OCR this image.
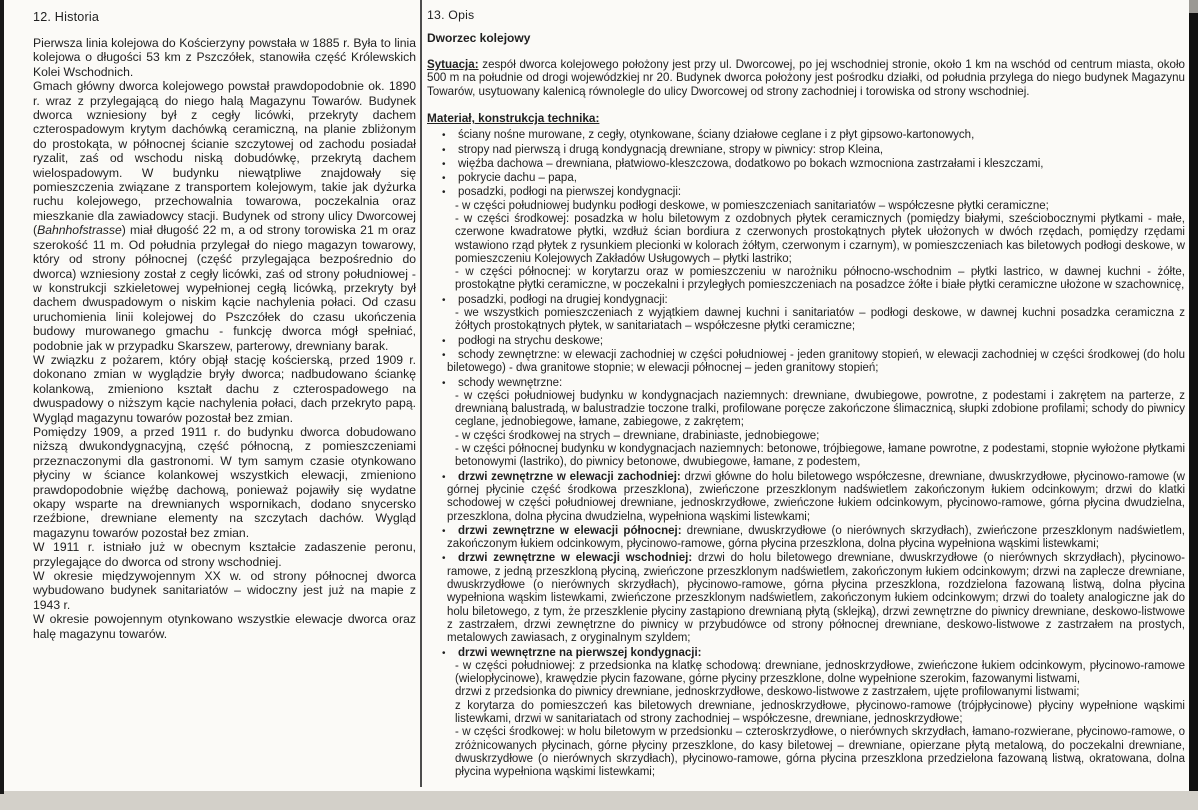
12. Historia

Pierwsza linia kolejowa do Kościerzyny powstała w 1885 r. Była to linia kolejowa o długości 53 km z Pszczółek, stanowiła część Królewskich Kolei Wschodnich.

Gmach główny dworca kolejowego powstał prawdopodobnie ok. 1890 r. wraz z przylegającą do niego halą Magazynu Towarów. Budynek dworca wzniesiony był z cegły licówki, przekryty dachem czterospadowym krytym dachówką ceramiczną, na planie zbliżonym do prostokąta, w północnej ścianie szczytowej od zachodu posiadał ryzalit, zaś od wschodu niską dobudówkę, przekrytą dachem wielospadowym. W budynku niewątpliwe znajdowały się pomieszczenia związane z transportem kolejowym, takie jak dyżurka ruchu kolejowego, przechowalnia towarowa, poczekalnia oraz mieszkanie dla zawiadowcy stacji. Budynek od strony ulicy Dworcowej (Bahnhofstrasse) miał długość 22 m, a od strony torowiska 21 m oraz szerokość 11 m. Od południa przylegał do niego magazyn towarowy, który od strony północnej (część przylegająca bezpośrednio do dworca) wzniesiony został z cegły licówki, zaś od strony południowej - w konstrukcji szkieletowej wypełnionej cegłą licówką, przekryty był dachem dwuspadowym o niskim kącie nachylenia połaci. Od czasu uruchomienia linii kolejowej do Pszczółek do czasu ukończenia budowy murowanego gmachu - funkcję dworca mógł spełniać, podobnie jak w przypadku Skarszew, parterowy, drewniany barak.

W związku z pożarem, który objął stację kościerską, przed 1909 r. dokonano zmian w wyglądzie bryły dworca; nadbudowano ściankę kolankową, zmieniono kształt dachu z czterospadowego na dwuspadowy o niższym kącie nachylenia połaci, dach przekryto papą. Wygląd magazynu towarów pozostał bez zmian.

Pomiędzy 1909, a przed 1911 r. do budynku dworca dobudowano niższą dwukondygnacyjną, część północną, z pomieszczeniami przeznaczonymi dla gastronomi. W tym samym czasie otynkowano płyciny w ściance kolankowej wszystkich elewacji, zmieniono prawdopodobnie więźbę dachową, ponieważ pojawiły się wydatne okapy wsparte na drewnianych wspornikach, dodano snycersko rzeźbione, drewniane elementy na szczytach dachów. Wygląd magazynu towarów pozostał bez zmian.

W 1911 r. istniało już w obecnym kształcie zadaszenie peronu, przylegające do dworca od strony wschodniej.

W okresie międzywojennym XX w. od strony północnej dworca wybudowano budynek sanitariatów – widoczny jest już na mapie z 1943 r.

W okresie powojennym otynkowano wszystkie elewacje dworca oraz halę magazynu towarów.

13. Opis
Dworzec kolejowy

Sytuacja: zespół dworca kolejowego położony jest przy ul. Dworcowej, po jej wschodniej stronie, około 1 km na wschód od centrum miasta, około 500 m na południe od drogi wojewódzkiej nr 20. Budynek dworca położony jest pośrodku działki, od południa przylega do niego budynek Magazynu Towarów, usytuowany kalenicą równolegle do ulicy Dworcowej od strony zachodniej i torowiska od strony wschodniej.

Materiał, konstrukcja technika:
• ściany nośne murowane, z cegły, otynkowane, ściany działowe ceglane i z płyt gipsowo-kartonowych,
• stropy nad pierwszą i drugą kondygnacją drewniane, stropy w piwnicy: strop Kleina,
• więźba dachowa – drewniana, płatwiowo-kleszczowa, dodatkowo po bokach wzmocniona zastrzałami i kleszczami,
• pokrycie dachu – papa,
• posadzki, podłogi na pierwszej kondygnacji:
- w części południowej budynku podłogi deskowe, w pomieszczeniach sanitariatów – współczesne płytki ceramiczne;
- w części środkowej: posadzka w holu biletowym z ozdobnych płytek ceramicznych (pomiędzy białymi, sześciobocznymi płytkami - małe, czerwone kwadratowe płytki, wzdłuż ścian bordiura z czerwonych prostokątnych płytek ułożonych w dwóch rzędach, pomiędzy rzędami wstawiono rząd płytek z rysunkiem plecionki w kolorach żółtym, czerwonym i czarnym), w pomieszczeniach kas biletowych podłogi deskowe, w pomieszczeniu Kolejowych Zakładów Usługowych – płytki lastriko;
- w części północnej: w korytarzu oraz w pomieszczeniu w narożniku północno-wschodnim – płytki lastrico, w dawnej kuchni - żółte, prostokątne płytki ceramiczne, w poczekalni i przyległych pomieszczeniach na posadzce żółte i białe płytki ceramiczne ułożone w szachownicę,
• posadzki, podłogi na drugiej kondygnacji:
- we wszystkich pomieszczeniach z wyjątkiem dawnej kuchni i sanitariatów – podłogi deskowe, w dawnej kuchni posadzka ceramiczna z żółtych prostokątnych płytek, w sanitariatach – współczesne płytki ceramiczne;
• podłogi na strychu deskowe;
• schody zewnętrzne: w elewacji zachodniej w części południowej - jeden granitowy stopień, w elewacji zachodniej w części środkowej (do holu biletowego) - dwa granitowe stopnie; w elewacji północnej – jeden granitowy stopień;
• schody wewnętrzne:
- w części południowej budynku w kondygnacjach naziemnych: drewniane, dwubiegowe, powrotne, z podestami i zakrętem na parterze, z drewnianą balustradą, w balustradzie toczone tralki, profilowane poręcze zakończone ślimacznicą, słupki zdobione profilami; schody do piwnicy ceglane, jednobiegowe, łamane, zabiegowe, z zakrętem;
- w części środkowej na strych – drewniane, drabiniaste, jednobiegowe;
- w części północnej budynku w kondygnacjach naziemnych: betonowe, trójbiegowe, łamane powrotne, z podestami, stopnie wyłożone płytkami betonowymi (lastriko), do piwnicy betonowe, dwubiegowe, łamane, z podestem,
• drzwi zewnętrzne w elewacji zachodniej: drzwi główne do holu biletowego współczesne, drewniane, dwuskrzydłowe, płycinowo-ramowe (w górnej płycinie część środkowa przeszklona), zwieńczone przeszklonym nadświetlem zakończonym łukiem odcinkowym; drzwi do klatki schodowej w części południowej drewniane, jednoskrzydłowe, zwieńczone łukiem odcinkowym, płycinowo-ramowe, górna płycina dwudzielna, przeszklona, dolna płycina dwudzielna, wypełniona wąskimi listewkami;
• drzwi zewnętrzne w elewacji północnej: drewniane, dwuskrzydłowe (o nierównych skrzydłach), zwieńczone przeszklonym nadświetlem, zakończonym łukiem odcinkowym, płycinowo-ramowe, górna płycina przeszklona, dolna płycina wypełniona wąskimi listewkami;
• drzwi zewnętrzne w elewacji wschodniej: drzwi do holu biletowego drewniane, dwuskrzydłowe (o nierównych skrzydłach), płycinowo-ramowe, z jedną przeszkloną płyciną, zwieńczone przeszklonym nadświetlem, zakończonym łukiem odcinkowym; drzwi na zaplecze drewniane, dwuskrzydłowe (o nierównych skrzydłach), płycinowo-ramowe, górna płycina przeszklona, rozdzielona fazowaną listwą, dolna płycina wypełniona wąskim listewkami, zwieńczone przeszklonym nadświetlem, zakończonym łukiem odcinkowym; drzwi do toalety analogiczne jak do holu biletowego, z tym, że przeszklenie płyciny zastąpiono drewnianą płytą (sklejką), drzwi zewnętrzne do piwnicy drewniane, deskowo-listwowe z zastrzałem, drzwi zewnętrzne do piwnicy w przybudówce od strony północnej drewniane, deskowo-listwowe z zastrzałem na prostych, metalowych zawiasach, z oryginalnym szyldem;
• drzwi wewnętrzne na pierwszej kondygnacji:
- w części południowej: z przedsionka na klatkę schodową: drewniane, jednoskrzydłowe, zwieńczone łukiem odcinkowym, płycinowo-ramowe (wielopłycinowe), krawędzie płycin fazowane, górne płyciny przeszklone, dolne wypełnione szerokim, fazowanymi listwami,
drzwi z przedsionka do piwnicy drewniane, jednoskrzydłowe, deskowo-listwowe z zastrzałem, ujęte profilowanymi listwami;
z korytarza do pomieszczeń kas biletowych drewniane, jednoskrzydłowe, płycinowo-ramowe (trójpłycinowe) płyciny wypełnione wąskimi listewkami, drzwi w sanitariatach od strony zachodniej – współczesne, drewniane, jednoskrzydłowe;
- w części środkowej: w holu biletowym w przedsionku – czteroskrzydłowe, o nierównych skrzydłach, łamano-rozwierane, płycinowo-ramowe, o zróżnicowanych płycinach, górne płyciny przeszklone, do kasy biletowej – drewniane, opierzane płytą metalową, do poczekalni drewniane, dwuskrzydłowe (o nierównych skrzydłach), płycinowo-ramowe, górna płycina przeszklona przedzielona fazowaną listwą, okratowana, dolna płycina wypełniona wąskimi listewkami;
